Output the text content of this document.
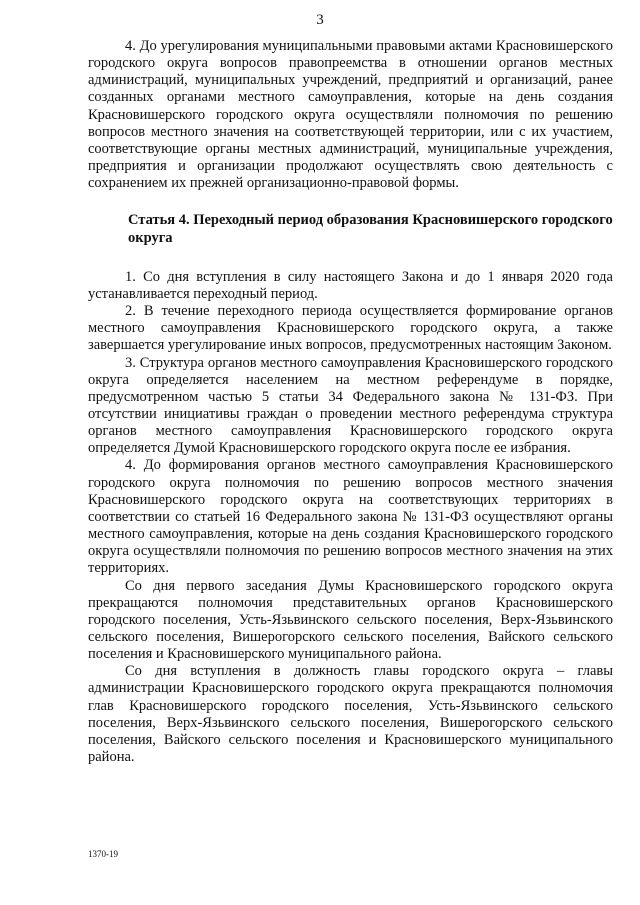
3

4. До урегулирования муниципальными правовыми актами Красновишерского городского округа вопросов правопреемства в отношении органов местных администраций, муниципальных учреждений, предприятий и организаций, ранее созданных органами местного самоуправления, которые на день создания Красновишерского городского округа осуществляли полномочия по решению вопросов местного значения на соответствующей территории, или с их участием, соответствующие органы местных администраций, муниципальные учреждения, предприятия и организации продолжают осуществлять свою деятельность с сохранением их прежней организационно-правовой формы.

Статья 4. Переходный период образования Красновишерского городского округа

1. Со дня вступления в силу настоящего Закона и до 1 января 2020 года устанавливается переходный период.

2. В течение переходного периода осуществляется формирование органов местного самоуправления Красновишерского городского округа, а также завершается урегулирование иных вопросов, предусмотренных настоящим Законом.

3. Структура органов местного самоуправления Красновишерского городского округа определяется населением на местном референдуме в порядке, предусмотренном частью 5 статьи 34 Федерального закона № 131-ФЗ. При отсутствии инициативы граждан о проведении местного референдума структура органов местного самоуправления Красновишерского городского округа определяется Думой Красновишерского городского округа после ее избрания.

4. До формирования органов местного самоуправления Красновишерского городского округа полномочия по решению вопросов местного значения Красновишерского городского округа на соответствующих территориях в соответствии со статьей 16 Федерального закона № 131-ФЗ осуществляют органы местного самоуправления, которые на день создания Красновишерского городского округа осуществляли полномочия по решению вопросов местного значения на этих территориях.

Со дня первого заседания Думы Красновишерского городского округа прекращаются полномочия представительных органов Красновишерского городского поселения, Усть-Язьвинского сельского поселения, Верх-Язьвинского сельского поселения, Вишерогорского сельского поселения, Вайского сельского поселения и Красновишерского муниципального района.

Со дня вступления в должность главы городского округа – главы администрации Красновишерского городского округа прекращаются полномочия глав Красновишерского городского поселения, Усть-Язьвинского сельского поселения, Верх-Язьвинского сельского поселения, Вишерогорского сельского поселения, Вайского сельского поселения и Красновишерского муниципального района.

1370-19
